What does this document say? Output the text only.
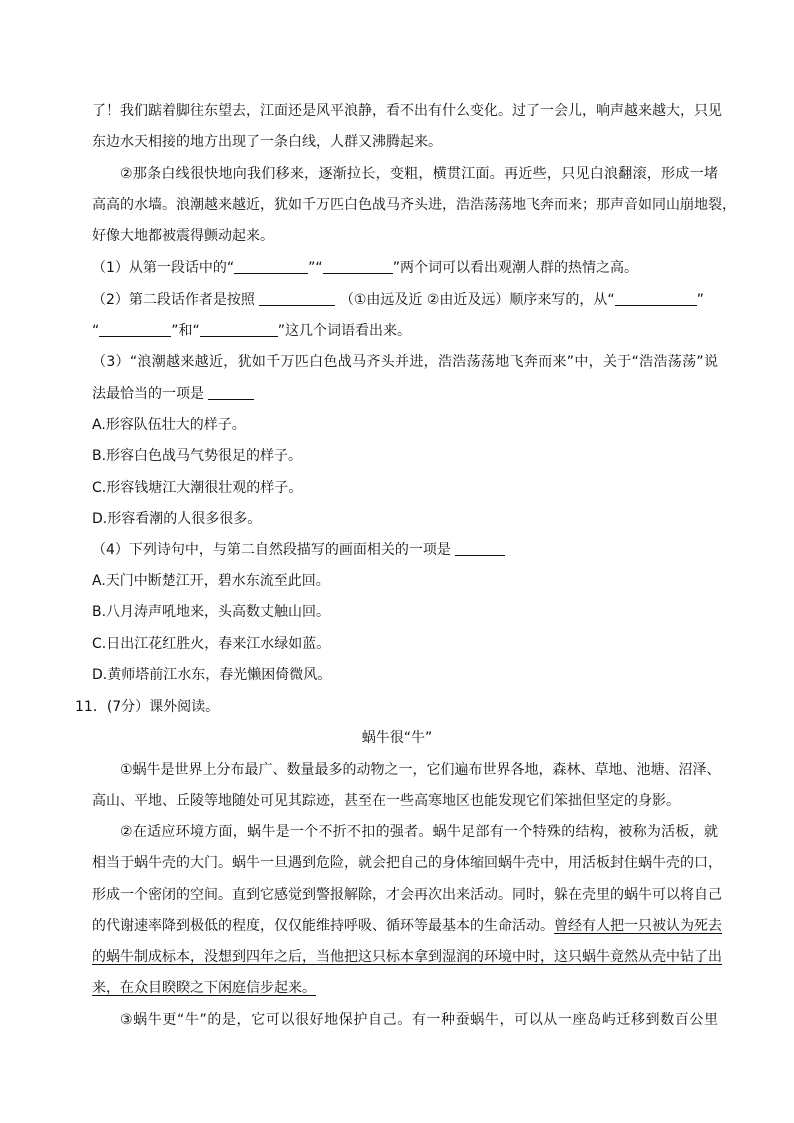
了！我们踮着脚往东望去，江面还是风平浪静，看不出有什么变化。过了一会儿，响声越来越大，只见
东边水天相接的地方出现了一条白线，人群又沸腾起来。
②那条白线很快地向我们移来，逐渐拉长，变粗，横贯江面。再近些，只见白浪翻滚，形成一堵
高高的水墙。浪潮越来越近，犹如千万匹白色战马齐头进，浩浩荡荡地飞奔而来；那声音如同山崩地裂，
好像大地都被震得颤动起来。
（1）从第一段话中的“	”“	”两个词可以看出观潮人群的热情之高。
（2）第二段话作者是按照	（①由远及近 ②由近及远）顺序来写的，从“	”
“	”和“	”这几个词语看出来。
（3）“浪潮越来越近，犹如千万匹白色战马齐头并进，浩浩荡荡地飞奔而来”中，关于“浩浩荡荡”说
法最恰当的一项是
A.形容队伍壮大的样子。
B.形容白色战马气势很足的样子。
C.形容钱塘江大潮很壮观的样子。
D.形容看潮的人很多很多。
（4）下列诗句中，与第二自然段描写的画面相关的一项是
A.天门中断楚江开，碧水东流至此回。
B.八月涛声吼地来，头高数丈触山回。
C.日出江花红胜火，春来江水绿如蓝。
D.黄师塔前江水东，春光懒困倚微风。
11．(7分）课外阅读。
蜗牛很“牛”
①蜗牛是世界上分布最广、数量最多的动物之一，它们遍布世界各地，森林、草地、池塘、沼泽、
高山、平地、丘陵等地随处可见其踪迹，甚至在一些高寒地区也能发现它们笨拙但坚定的身影。
②在适应环境方面，蜗牛是一个不折不扣的强者。蜗牛足部有一个特殊的结构，被称为活板，就
相当于蜗牛壳的大门。蜗牛一旦遇到危险，就会把自己的身体缩回蜗牛壳中，用活板封住蜗牛壳的口，
形成一个密闭的空间。直到它感觉到警报解除，才会再次出来活动。同时，躲在壳里的蜗牛可以将自己
的代谢速率降到极低的程度，仅仅能维持呼吸、循环等最基本的生命活动。曾经有人把一只被认为死去
的蜗牛制成标本，没想到四年之后，当他把这只标本拿到湿润的环境中时，这只蜗牛竟然从壳中钻了出
来，在众目睽睽之下闲庭信步起来。
③蜗牛更“牛”的是，它可以很好地保护自己。有一种蚕蜗牛，可以从一座岛屿迁移到数百公里
